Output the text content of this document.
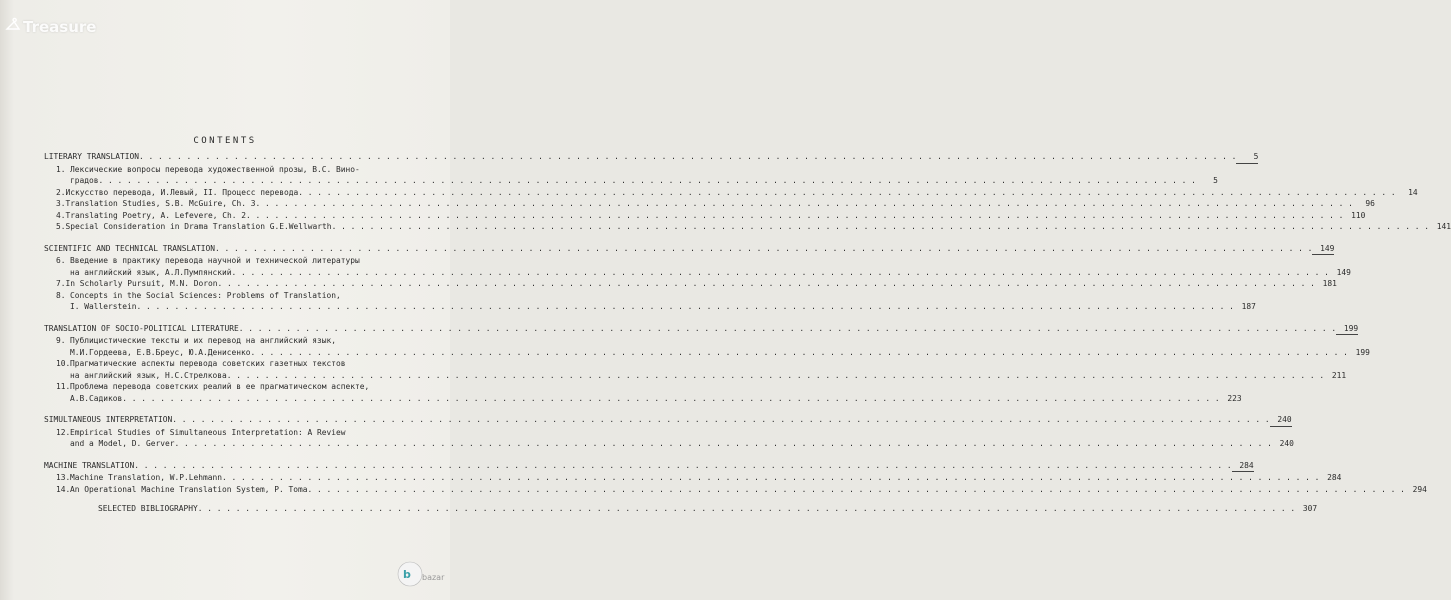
Treasure
CONTENTS
LITERARY TRANSLATION . . .	5
1. Лексические вопросы перевода художественной прозы, В.С. Вино-
градов . . .	5
2. Искусство перевода, И.Левый, II. Процесс перевода . . .	14
3. Translation Studies, S.B. McGuire, Ch. 3 . . .	96
4. Translating Poetry, A. Lefevere, Ch. 2 . . .	110
5. Special Consideration in Drama Translation G.E.Wellwarth . . .	141
SCIENTIFIC AND TECHNICAL TRANSLATION . . .	149
6. Введение в практику перевода научной и технической литературы
на английский язык, А.Л.Пумпянский . . .	149
7. In Scholarly Pursuit, M.N. Doron . . .	181
8. Concepts in the Social Sciences: Problems of Translation,
I. Wallerstein . . .	187
TRANSLATION OF SOCIO-POLITICAL LITERATURE . . .	199
9. Публицистические тексты и их перевод на английский язык,
М.И.Гордеева, Е.В.Бреус, Ю.А.Денисенко . . .	199
10. Прагматические аспекты перевода советских газетных текстов
на английский язык, Н.С.Стрелкова . . .	211
11. Проблема перевода советских реалий в ее прагматическом аспекте,
А.В.Садиков . . .	223
SIMULTANEOUS INTERPRETATION . . .	240
12. Empirical Studies of Simultaneous Interpretation: A Review
and a Model, D. Gerver . . .	240
MACHINE TRANSLATION . . .	284
13. Machine Translation, W.P.Lehmann . . .	284
14. An Operational Machine Translation System, P. Toma . . .	294
SELECTED BIBLIOGRAPHY . . .	307
b bazar
